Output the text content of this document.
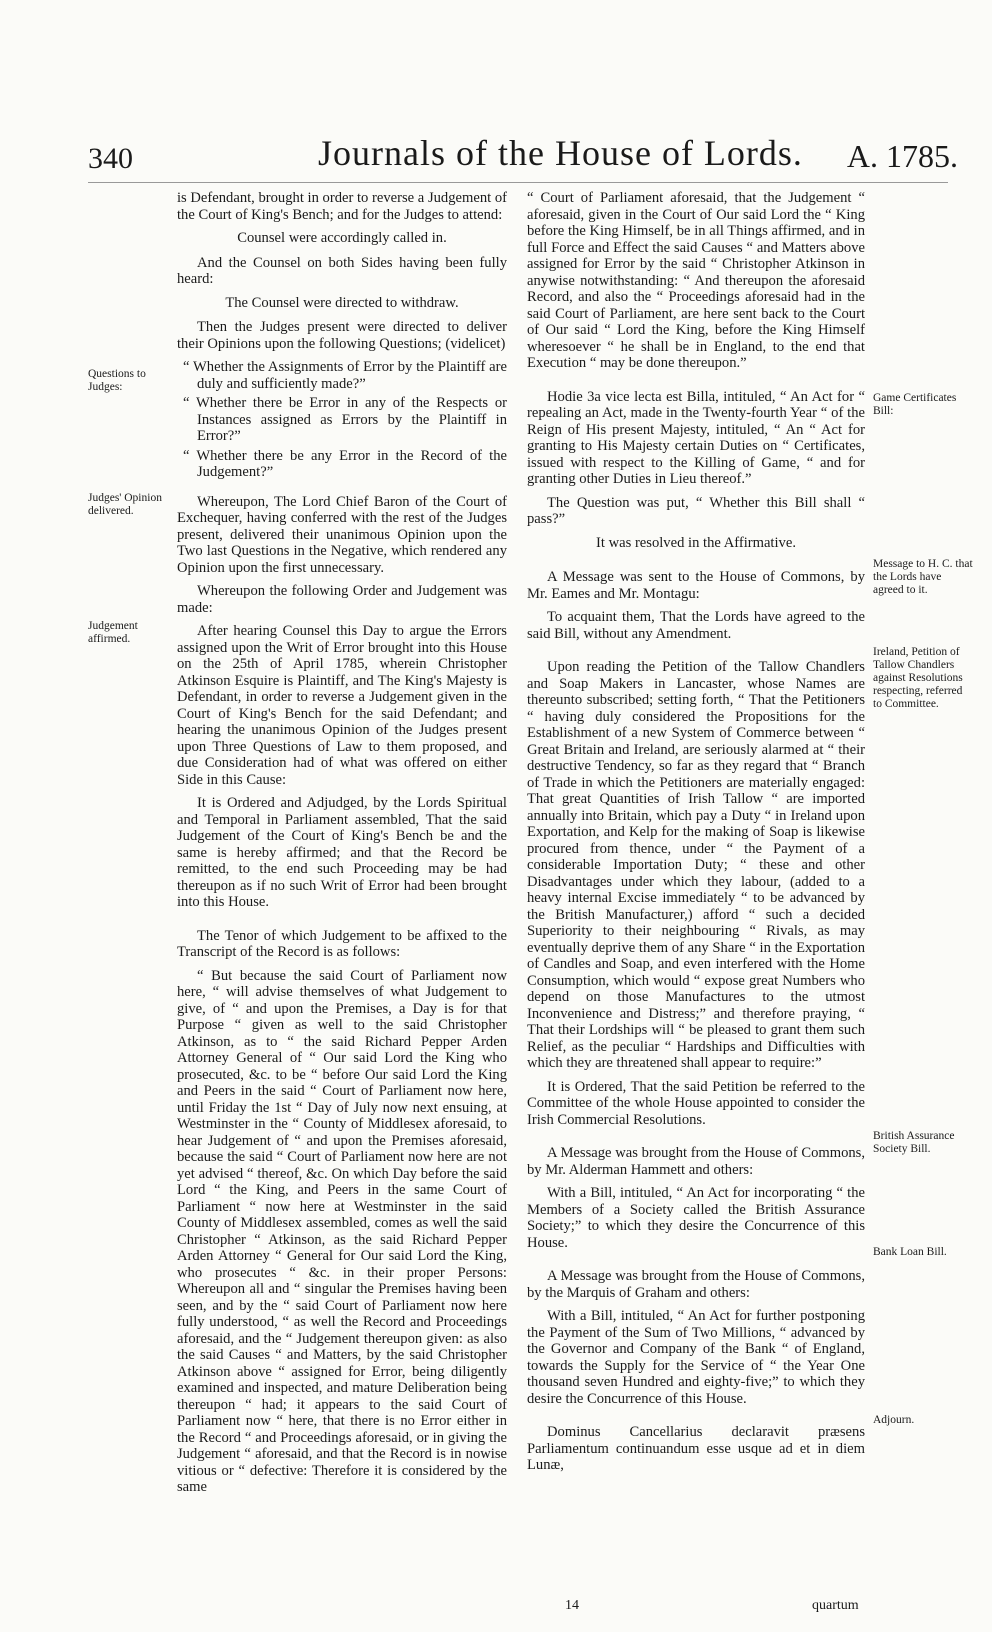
340	Journals of the House of Lords. A. 1785.
Questions to Judges:
Judges' Opinion delivered.
Judgement affirmed.

is Defendant, brought in order to reverse a Judgement of the Court of King's Bench; and for the Judges to attend:

Counsel were accordingly called in.

And the Counsel on both Sides having been fully heard:

The Counsel were directed to withdraw.

Then the Judges present were directed to deliver their Opinions upon the following Questions; (videlicet)

“ Whether the Assignments of Error by the Plaintiff are duly and sufficiently made?”

“ Whether there be Error in any of the Respects or Instances assigned as Errors by the Plaintiff in Error?”

“ Whether there be any Error in the Record of the Judgement?”

Whereupon, The Lord Chief Baron of the Court of Exchequer, having conferred with the rest of the Judges present, delivered their unanimous Opinion upon the Two last Questions in the Negative, which rendered any Opinion upon the first unnecessary.

Whereupon the following Order and Judgement was made:

After hearing Counsel this Day to argue the Errors assigned upon the Writ of Error brought into this House on the 25th of April 1785, wherein Christopher Atkinson Esquire is Plaintiff, and The King's Majesty is Defendant, in order to reverse a Judgement given in the Court of King's Bench for the said Defendant; and hearing the unanimous Opinion of the Judges present upon Three Questions of Law to them proposed, and due Consideration had of what was offered on either Side in this Cause:

It is Ordered and Adjudged, by the Lords Spiritual and Temporal in Parliament assembled, That the said Judgement of the Court of King's Bench be and the same is hereby affirmed; and that the Record be remitted, to the end such Proceeding may be had thereupon as if no such Writ of Error had been brought into this House.

The Tenor of which Judgement to be affixed to the Transcript of the Record is as follows:

“ But because the said Court of Parliament now here, “ will advise themselves of what Judgement to give, of “ and upon the Premises, a Day is for that Purpose “ given as well to the said Christopher Atkinson, as to “ the said Richard Pepper Arden Attorney General of “ Our said Lord the King who prosecuted, &c. to be “ before Our said Lord the King and Peers in the said “ Court of Parliament now here, until Friday the 1st “ Day of July now next ensuing, at Westminster in the “ County of Middlesex aforesaid, to hear Judgement of “ and upon the Premises aforesaid, because the said “ Court of Parliament now here are not yet advised “ thereof, &c. On which Day before the said Lord “ the King, and Peers in the same Court of Parliament “ now here at Westminster in the said County of Middlesex assembled, comes as well the said Christopher “ Atkinson, as the said Richard Pepper Arden Attorney “ General for Our said Lord the King, who prosecutes “ &c. in their proper Persons: Whereupon all and “ singular the Premises having been seen, and by the “ said Court of Parliament now here fully understood, “ as well the Record and Proceedings aforesaid, and the “ Judgement thereupon given: as also the said Causes “ and Matters, by the said Christopher Atkinson above “ assigned for Error, being diligently examined and inspected, and mature Deliberation being thereupon “ had; it appears to the said Court of Parliament now “ here, that there is no Error either in the Record “ and Proceedings aforesaid, or in giving the Judgement “ aforesaid, and that the Record is in nowise vitious or “ defective: Therefore it is considered by the same

Game Certificates Bill:
Message to H. C. that the Lords have agreed to it.
Ireland, Petition of Tallow Chandlers against Resolutions respecting, referred to Committee.
British Assurance Society Bill.
Bank Loan Bill.
Adjourn.

“ Court of Parliament aforesaid, that the Judgement “ aforesaid, given in the Court of Our said Lord the “ King before the King Himself, be in all Things affirmed, and in full Force and Effect the said Causes “ and Matters above assigned for Error by the said “ Christopher Atkinson in anywise notwithstanding: “ And thereupon the aforesaid Record, and also the “ Proceedings aforesaid had in the said Court of Parliament, are here sent back to the Court of Our said “ Lord the King, before the King Himself wheresoever “ he shall be in England, to the end that Execution “ may be done thereupon.”

Hodie 3a vice lecta est Billa, intituled, “ An Act for “ repealing an Act, made in the Twenty-fourth Year “ of the Reign of His present Majesty, intituled, “ An “ Act for granting to His Majesty certain Duties on “ Certificates, issued with respect to the Killing of Game, “ and for granting other Duties in Lieu thereof.”

The Question was put, “ Whether this Bill shall “ pass?”

It was resolved in the Affirmative.

A Message was sent to the House of Commons, by Mr. Eames and Mr. Montagu:

To acquaint them, That the Lords have agreed to the said Bill, without any Amendment.

Upon reading the Petition of the Tallow Chandlers and Soap Makers in Lancaster, whose Names are thereunto subscribed; setting forth, “ That the Petitioners “ having duly considered the Propositions for the Establishment of a new System of Commerce between “ Great Britain and Ireland, are seriously alarmed at “ their destructive Tendency, so far as they regard that “ Branch of Trade in which the Petitioners are materially engaged: That great Quantities of Irish Tallow “ are imported annually into Britain, which pay a Duty “ in Ireland upon Exportation, and Kelp for the making of Soap is likewise procured from thence, under “ the Payment of a considerable Importation Duty; “ these and other Disadvantages under which they labour, (added to a heavy internal Excise immediately “ to be advanced by the British Manufacturer,) afford “ such a decided Superiority to their neighbouring “ Rivals, as may eventually deprive them of any Share “ in the Exportation of Candles and Soap, and even interfered with the Home Consumption, which would “ expose great Numbers who depend on those Manufactures to the utmost Inconvenience and Distress;” and therefore praying, “ That their Lordships will “ be pleased to grant them such Relief, as the peculiar “ Hardships and Difficulties with which they are threatened shall appear to require:”

It is Ordered, That the said Petition be referred to the Committee of the whole House appointed to consider the Irish Commercial Resolutions.

A Message was brought from the House of Commons, by Mr. Alderman Hammett and others:

With a Bill, intituled, “ An Act for incorporating “ the Members of a Society called the British Assurance Society;” to which they desire the Concurrence of this House.

A Message was brought from the House of Commons, by the Marquis of Graham and others:

With a Bill, intituled, “ An Act for further postponing the Payment of the Sum of Two Millions, “ advanced by the Governor and Company of the Bank “ of England, towards the Supply for the Service of “ the Year One thousand seven Hundred and eighty-five;” to which they desire the Concurrence of this House.

Dominus Cancellarius declaravit præsens Parliamentum continuandum esse usque ad et in diem Lunæ,

14	quartum
